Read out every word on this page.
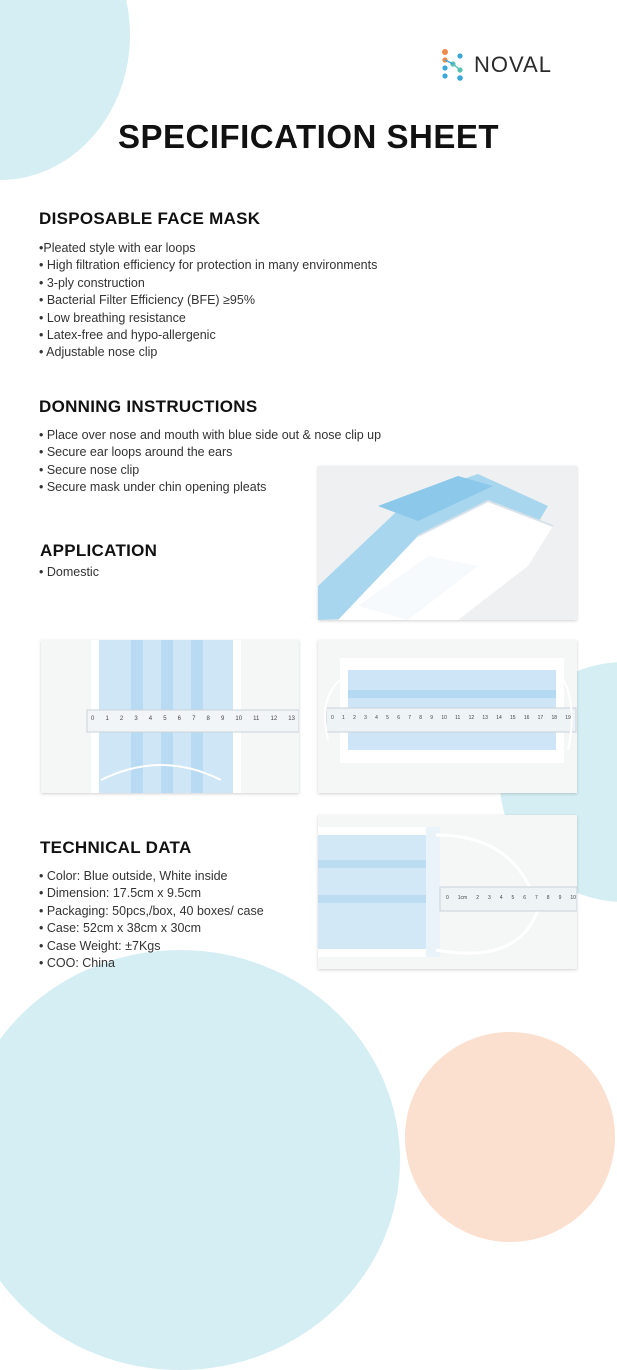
NOVAL
SPECIFICATION SHEET
DISPOSABLE FACE MASK
•Pleated style with ear loops
• High filtration efficiency for protection in many environments
• 3-ply construction
• Bacterial Filter Efficiency (BFE) ≥95%
• Low breathing resistance
• Latex-free and hypo-allergenic
• Adjustable nose clip
DONNING INSTRUCTIONS
• Place over nose and mouth with blue side out & nose clip up
• Secure ear loops around the ears
• Secure nose clip
• Secure mask under chin opening pleats
APPLICATION
• Domestic
TECHNICAL DATA
• Color: Blue outside, White inside
• Dimension: 17.5cm x 9.5cm
• Packaging: 50pcs,/box, 40 boxes/ case
• Case: 52cm x 38cm x 30cm
• Case Weight: ±7Kgs
• COO: China
0 1 2 3 4 5 6 7 8 9 10 11 12 13	0 1 2 3 4 5 6 7 8 9 10 11 12 13 14 15 16 17 18 19
0 1cm 2 3 4 5 6 7 8 9 10
